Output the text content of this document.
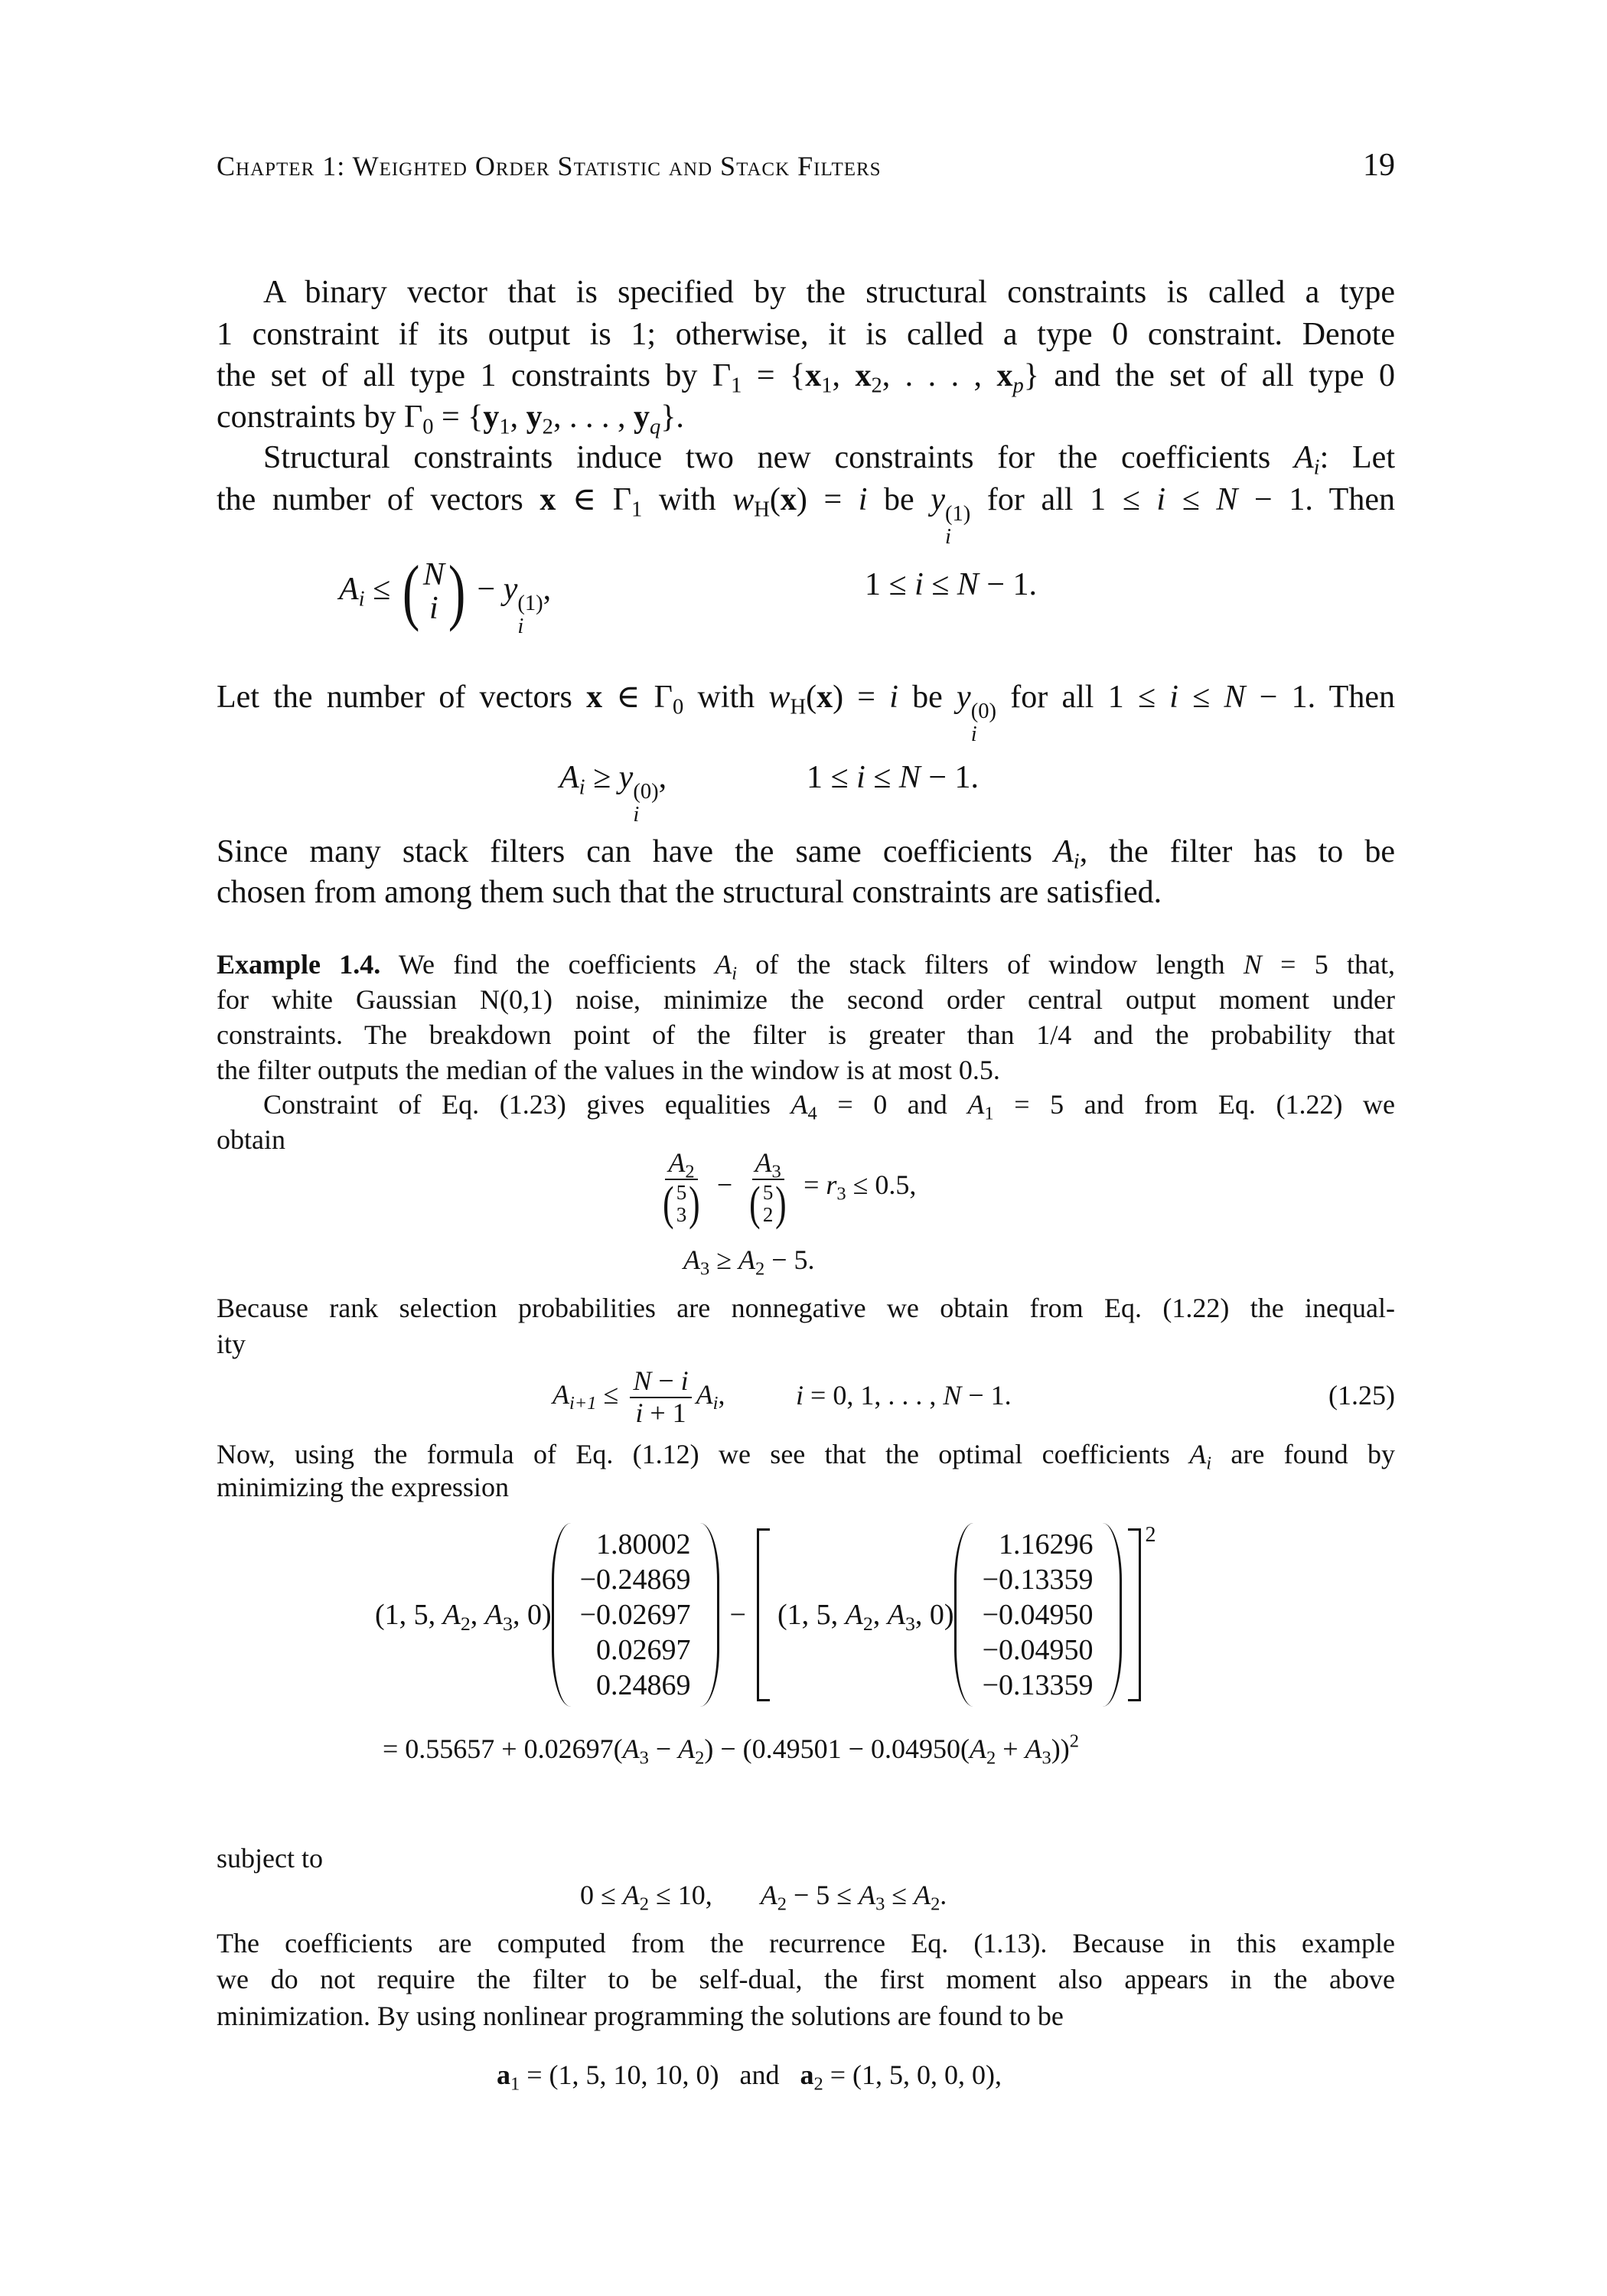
Chapter 1: Weighted Order Statistic and Stack Filters	19
A binary vector that is specified by the structural constraints is called a type
1 constraint if its output is 1; otherwise, it is called a type 0 constraint. Denote
the set of all type 1 constraints by $\Gamma_1 = \{x_1$, $x_2$, . . . , $x_p$} and the set of all type 0
constraints by $\Gamma_0 = \{y_1$, $y_2$, . . . , $y_q$}.
Structural constraints induce two new constraints for the coefficients $A_i$: Let
the number of vectors x ∈ $\Gamma_1$ with $w_H(x) = i$ be y (1)
i
for all 1 ≤ i ≤ N − 1. Then
$A_i$ ≤ ( N
i ) − y (1)
i
,	1 ≤ i ≤ N − 1.
Let the number of vectors x ∈ $\Gamma_0$ with $w_H(x) = i$ be y (0)
i
for all 1 ≤ i ≤ N − 1. Then
$A_i \ge y$ (0)
i
,	1 ≤ i ≤ N − 1.
Since many stack filters can have the same coefficients $A_i$, the filter has to be
chosen from among them such that the structural constraints are satisfied.
Example 1.4. We find the coefficients $A_i$ of the stack filters of window length N = 5 that,
for white Gaussian N(0,1) noise, minimize the second order central output moment under
constraints. The breakdown point of the filter is greater than 1/4 and the probability that
the filter outputs the median of the values in the window is at most 0.5.
Constraint of Eq. (1.23) gives equalities $A_4 = 0$ and $A_1 = 5$ and from Eq. (1.22) we
obtain
$A_2$
( 5
3 ) − $A_3$
( 5
2 ) = $r_3 \le 0.5$,
$A_3 \ge A_2 - 5$.
Because rank selection probabilities are nonnegative we obtain from Eq. (1.22) the inequal-
ity
$A_{i+1} \le \frac{N - i}{i + 1} A_i$,	i = 0, 1, . . . , N − 1.	(1.25)
Now, using the formula of Eq. (1.12) we see that the optimal coefficients $A_i$ are found by
minimizing the expression
(1, 5, $A_2$, $A_3$, 0)
1.80002
−0.24869
−0.02697
0.02697
0.24869
− (1, 5, $A_2$, $A_3$, 0)
1.16296
−0.13359
−0.04950
−0.04950
−0.13359
2
= $0.55657 + 0.02697(A_3 - A_2) - (0.49501 - 0.04950(A_2 + A_3))^2$
subject to
$0 \le A_2 \le 10$,       $A_2 - 5 \le A_3 \le A_2$.
The coefficients are computed from the recurrence Eq. (1.13). Because in this example
we do not require the filter to be self-dual, the first moment also appears in the above
minimization. By using nonlinear programming the solutions are found to be
$a_1 = (1$, 5, 10, 10, 0)   and   $a_2 = (1$, 5, 0, 0, 0),
